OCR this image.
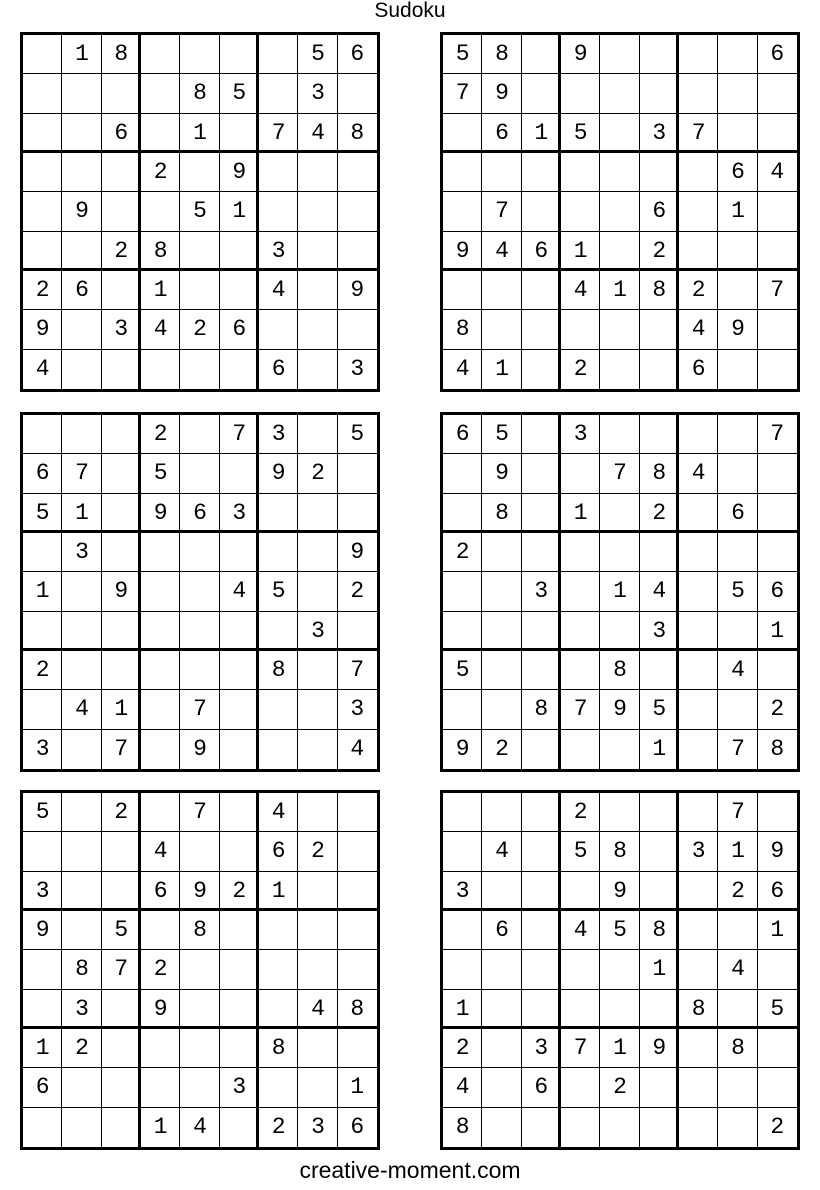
Sudoku
18    56
85 3
6 1 748
2 9
9  51
28  3
26 1  4 9
9 3426
4     6 3
58 9    6
79
615 37
64
7   6 1
9461 2
4182 7
8     49
41 2  6
2 73 5
67 5  92
51 963
3      9
1 9  45 2
3
2     8 7
41 7   3
3 7 9   4
65 3    7
9  784
8 1 2 6
2
3 14 56
3  1
5   8  4
8795  2
92   1 78
5 2 7 4
4  62
3  6921
9 5 8
872
3 9   48
12    8
6    3  1
14 236
2   7
4 58 319
3   9  26
6 458  1
1 4
1     8 5
2 3719 8
4 6 2
8       2
creative-moment.com
